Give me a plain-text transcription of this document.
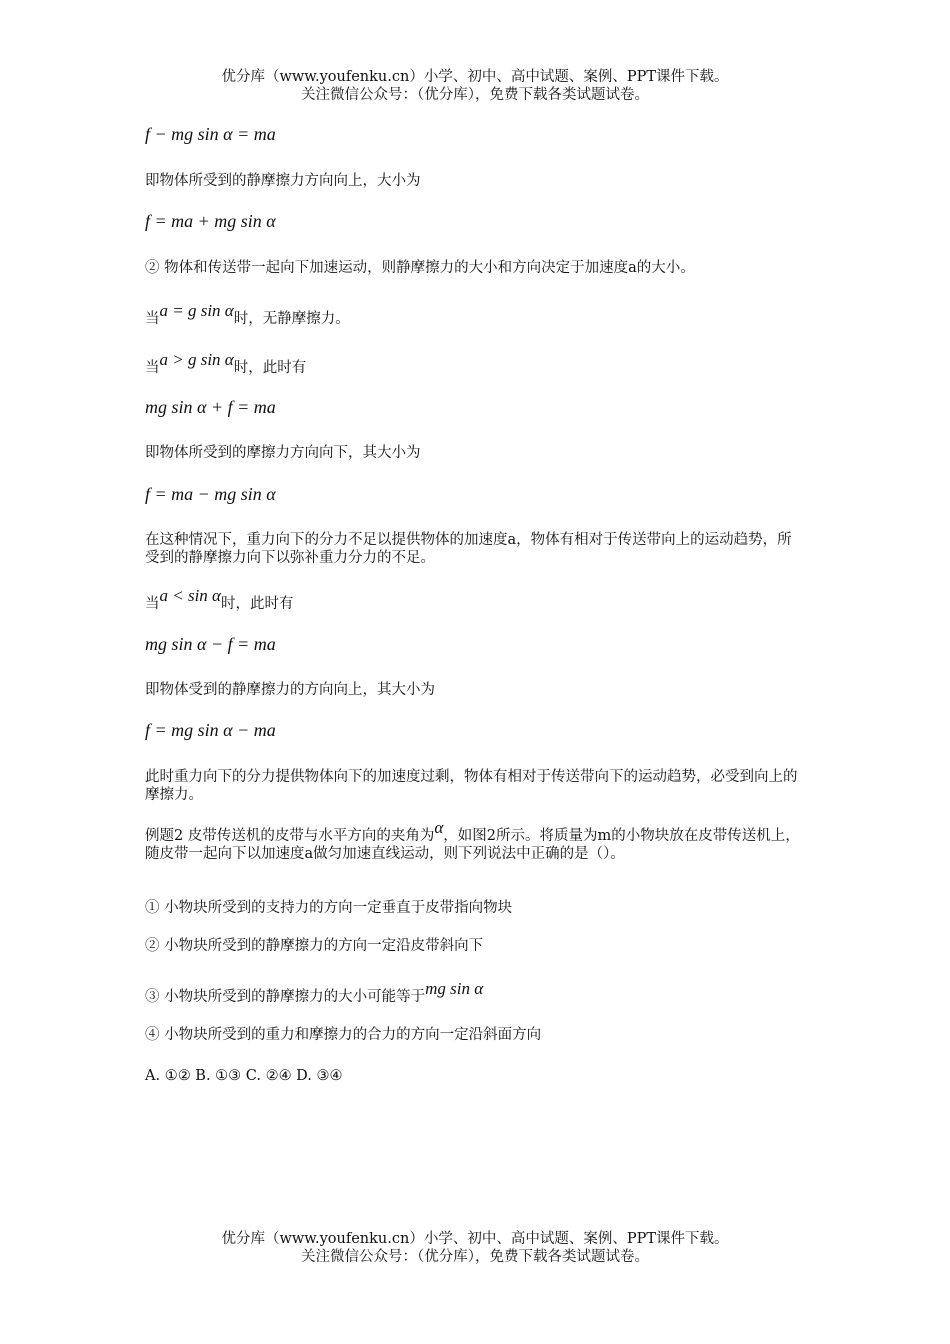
优分库（www.youfenku.cn）小学、初中、高中试题、案例、PPT课件下载。
关注微信公众号：（优分库），免费下载各类试题试卷。
f − mg sin α = ma
即物体所受到的静摩擦力方向向上，大小为
f = ma + mg sin α
② 物体和传送带一起向下加速运动，则静摩擦力的大小和方向决定于加速度a的大小。
当a = g sin α时，无静摩擦力。
当a > g sin α时，此时有
mg sin α + f = ma
即物体所受到的摩擦力方向向下，其大小为
f = ma − mg sin α
在这种情况下，重力向下的分力不足以提供物体的加速度a，物体有相对于传送带向上的运动趋势，所受到的静摩擦力向下以弥补重力分力的不足。
当a < sin α时，此时有
mg sin α − f = ma
即物体受到的静摩擦力的方向向上，其大小为
f = mg sin α − ma
此时重力向下的分力提供物体向下的加速度过剩，物体有相对于传送带向下的运动趋势，必受到向上的摩擦力。
例题2 皮带传送机的皮带与水平方向的夹角为α，如图2所示。将质量为m的小物块放在皮带传送机上，随皮带一起向下以加速度a做匀加速直线运动，则下列说法中正确的是（）。
① 小物块所受到的支持力的方向一定垂直于皮带指向物块
② 小物块所受到的静摩擦力的方向一定沿皮带斜向下
③ 小物块所受到的静摩擦力的大小可能等于mg sin α
④ 小物块所受到的重力和摩擦力的合力的方向一定沿斜面方向
A. ①② B. ①③ C. ②④ D. ③④
优分库（www.youfenku.cn）小学、初中、高中试题、案例、PPT课件下载。
关注微信公众号：（优分库），免费下载各类试题试卷。
